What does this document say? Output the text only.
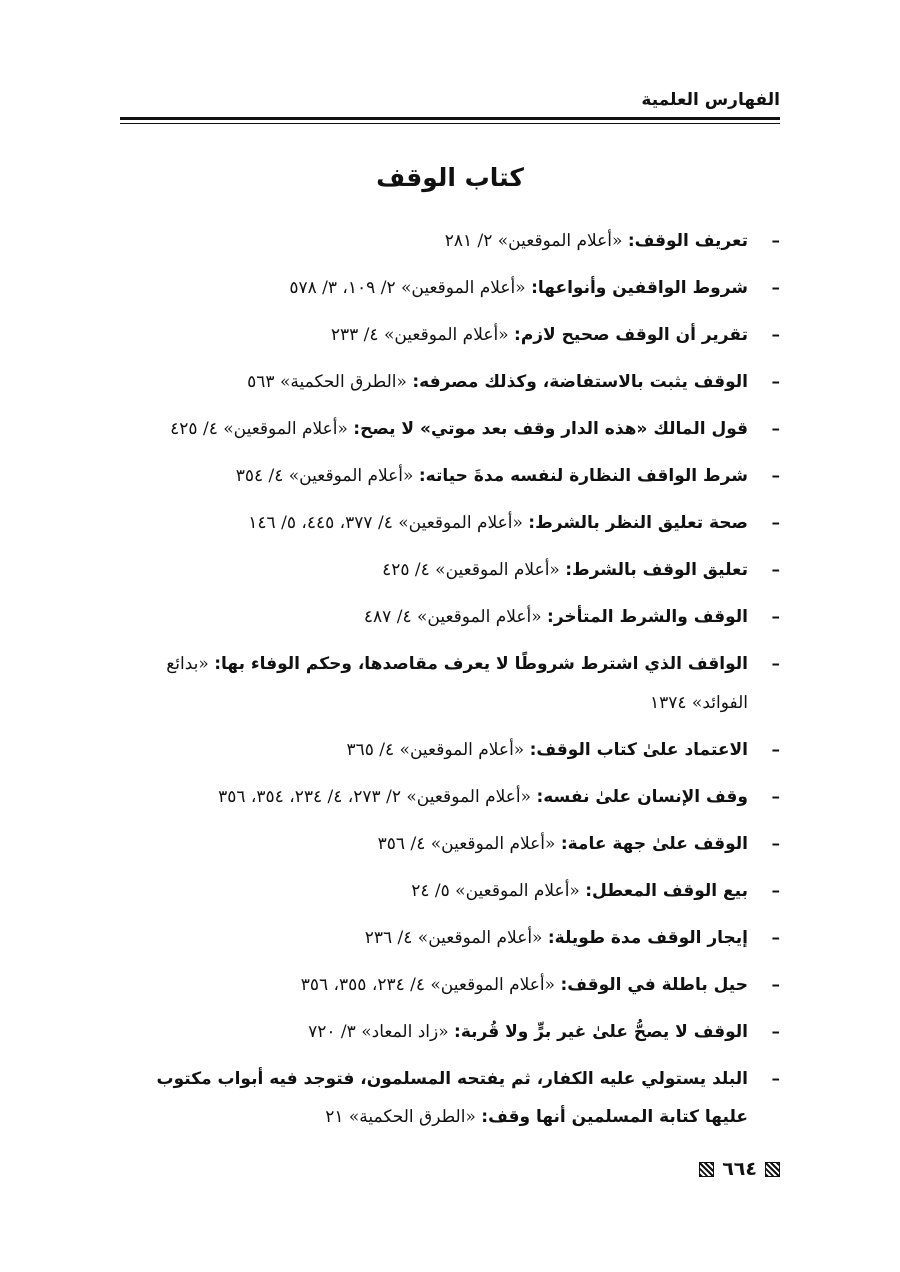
الفهارس العلمية
كتاب الوقف
–
تعريف الوقف: «أعلام الموقعين» ٢/ ٢٨١
–
شروط الواقفين وأنواعها: «أعلام الموقعين» ٢/ ١٠٩، ٣/ ٥٧٨
–
تقرير أن الوقف صحيح لازم: «أعلام الموقعين» ٤/ ٢٣٣
–
الوقف يثبت بالاستفاضة، وكذلك مصرفه: «الطرق الحكمية» ٥٦٣
–
قول المالك «هذه الدار وقف بعد موتي» لا يصح: «أعلام الموقعين» ٤/ ٤٢٥
–
شرط الواقف النظارة لنفسه مدةَ حياته: «أعلام الموقعين» ٤/ ٣٥٤
–
صحة تعليق النظر بالشرط: «أعلام الموقعين» ٤/ ٣٧٧، ٤٤٥، ٥/ ١٤٦
–
تعليق الوقف بالشرط: «أعلام الموقعين» ٤/ ٤٢٥
–
الوقف والشرط المتأخر: «أعلام الموقعين» ٤/ ٤٨٧
–
الواقف الذي اشترط شروطًا لا يعرف مقاصدها، وحكم الوفاء بها: «بدائع الفوائد» ١٣٧٤
–
الاعتماد علىٰ كتاب الوقف: «أعلام الموقعين» ٤/ ٣٦٥
–
وقف الإنسان علىٰ نفسه: «أعلام الموقعين» ٢/ ٢٧٣، ٤/ ٢٣٤، ٣٥٤، ٣٥٦
–
الوقف علىٰ جهة عامة: «أعلام الموقعين» ٤/ ٣٥٦
–
بيع الوقف المعطل: «أعلام الموقعين» ٥/ ٢٤
–
إيجار الوقف مدة طويلة: «أعلام الموقعين» ٤/ ٢٣٦
–
حيل باطلة في الوقف: «أعلام الموقعين» ٤/ ٢٣٤، ٣٥٥، ٣٥٦
–
الوقف لا يصحُّ علىٰ غير برٍّ ولا قُربة: «زاد المعاد» ٣/ ٧٢٠
–
البلد يستولي عليه الكفار، ثم يفتحه المسلمون، فتوجد فيه أبواب مكتوب عليها كتابة المسلمين أنها وقف: «الطرق الحكمية» ٢١
٦٦٤
